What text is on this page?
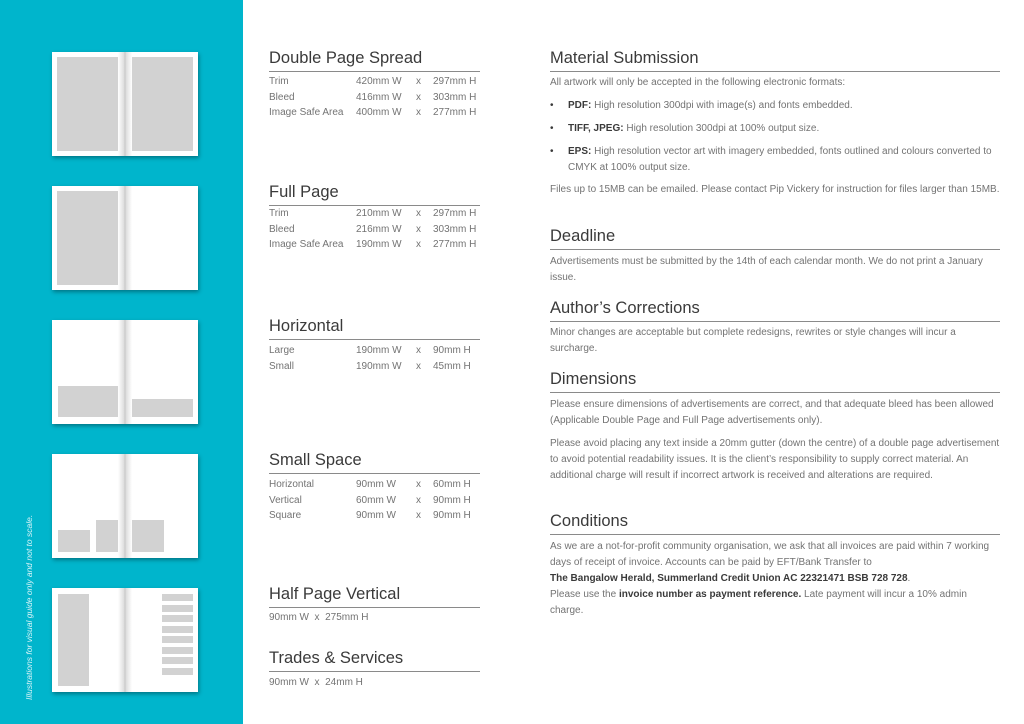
Illustrations for visual guide only and not to scale.
Double Page Spread
Trim	420mm W	x	297mm H
Bleed	416mm W	x	303mm H
Image Safe Area	400mm W	x	277mm H
Full Page
Trim	210mm W	x	297mm H
Bleed	216mm W	x	303mm H
Image Safe Area	190mm W	x	277mm H
Horizontal
Large	190mm W	x	90mm H
Small	190mm W	x	45mm H
Small Space
Horizontal	90mm W	x	60mm H
Vertical	60mm W	x	90mm H
Square	90mm W	x	90mm H
Half Page Vertical
90mm W  x  275mm H
Trades & Services
90mm W  x  24mm H
Material Submission

All artwork will only be accepted in the following electronic formats:

• PDF: High resolution 300dpi with image(s) and fonts embedded.
• TIFF, JPEG: High resolution 300dpi at 100% output size.
• EPS: High resolution vector art with imagery embedded, fonts outlined and colours converted to CMYK at 100% output size.

Files up to 15MB can be emailed. Please contact Pip Vickery for instruction for files larger than 15MB.

Deadline

Advertisements must be submitted by the 14th of each calendar month. We do not print a January issue.

Author’s Corrections

Minor changes are acceptable but complete redesigns, rewrites or style changes will incur a surcharge.

Dimensions

Please ensure dimensions of advertisements are correct, and that adequate bleed has been allowed (Applicable Double Page and Full Page advertisements only).

Please avoid placing any text inside a 20mm gutter (down the centre) of a double page advertisement to avoid potential readability issues. It is the client’s responsibility to supply correct material. An additional charge will result if incorrect artwork is received and alterations are required.

Conditions

As we are a not-for-profit community organisation, we ask that all invoices are paid within 7 working days of receipt of invoice. Accounts can be paid by EFT/Bank Transfer to
The Bangalow Herald, Summerland Credit Union AC 22321471 BSB 728 728.
Please use the invoice number as payment reference. Late payment will incur a 10% admin charge.
